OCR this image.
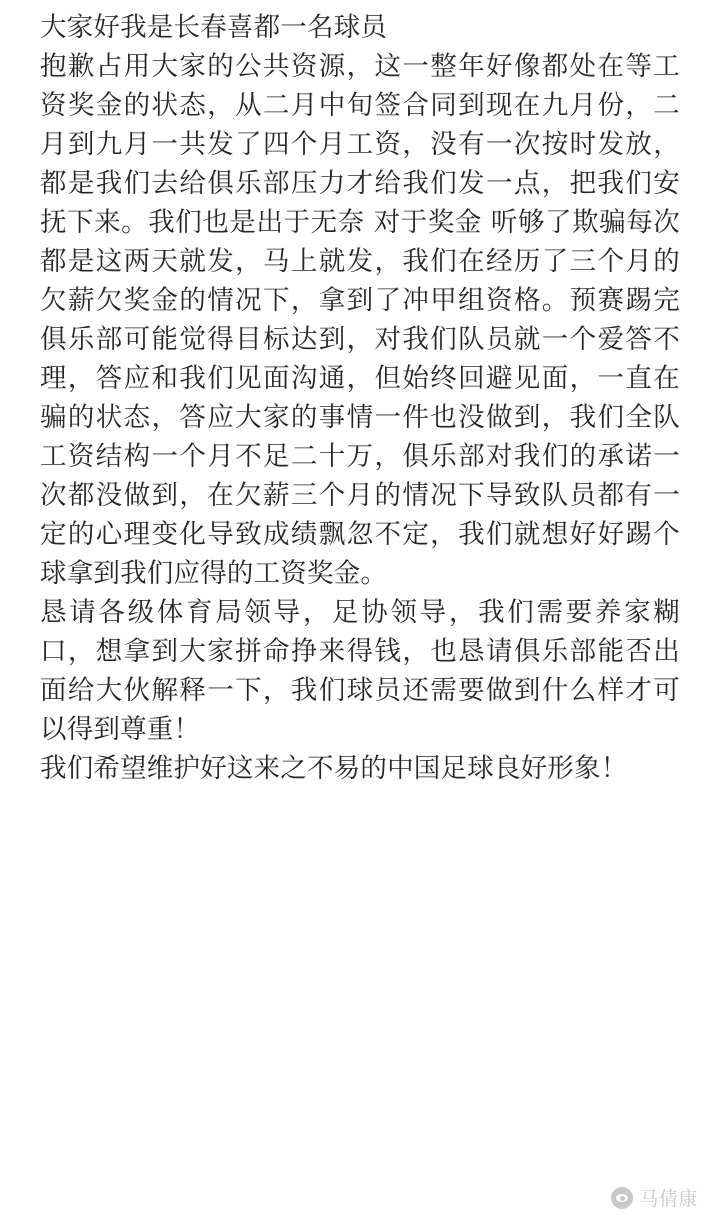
大家好我是长春喜都一名球员

抱歉占用大家的公共资源，这一整年好像都处在等工资奖金的状态，从二月中旬签合同到现在九月份，二月到九月一共发了四个月工资，没有一次按时发放，都是我们去给俱乐部压力才给我们发一点，把我们安抚下来。我们也是出于无奈 对于奖金 听够了欺骗每次都是这两天就发，马上就发，我们在经历了三个月的欠薪欠奖金的情况下，拿到了冲甲组资格。预赛踢完俱乐部可能觉得目标达到，对我们队员就一个爱答不理，答应和我们见面沟通，但始终回避见面，一直在骗的状态，答应大家的事情一件也没做到，我们全队工资结构一个月不足二十万，俱乐部对我们的承诺一次都没做到，在欠薪三个月的情况下导致队员都有一定的心理变化导致成绩飘忽不定，我们就想好好踢个球拿到我们应得的工资奖金。

恳请各级体育局领导，足协领导，我们需要养家糊口，想拿到大家拼命挣来得钱，也恳请俱乐部能否出面给大伙解释一下，我们球员还需要做到什么样才可以得到尊重！

我们希望维护好这来之不易的中国足球良好形象！

马倩康
